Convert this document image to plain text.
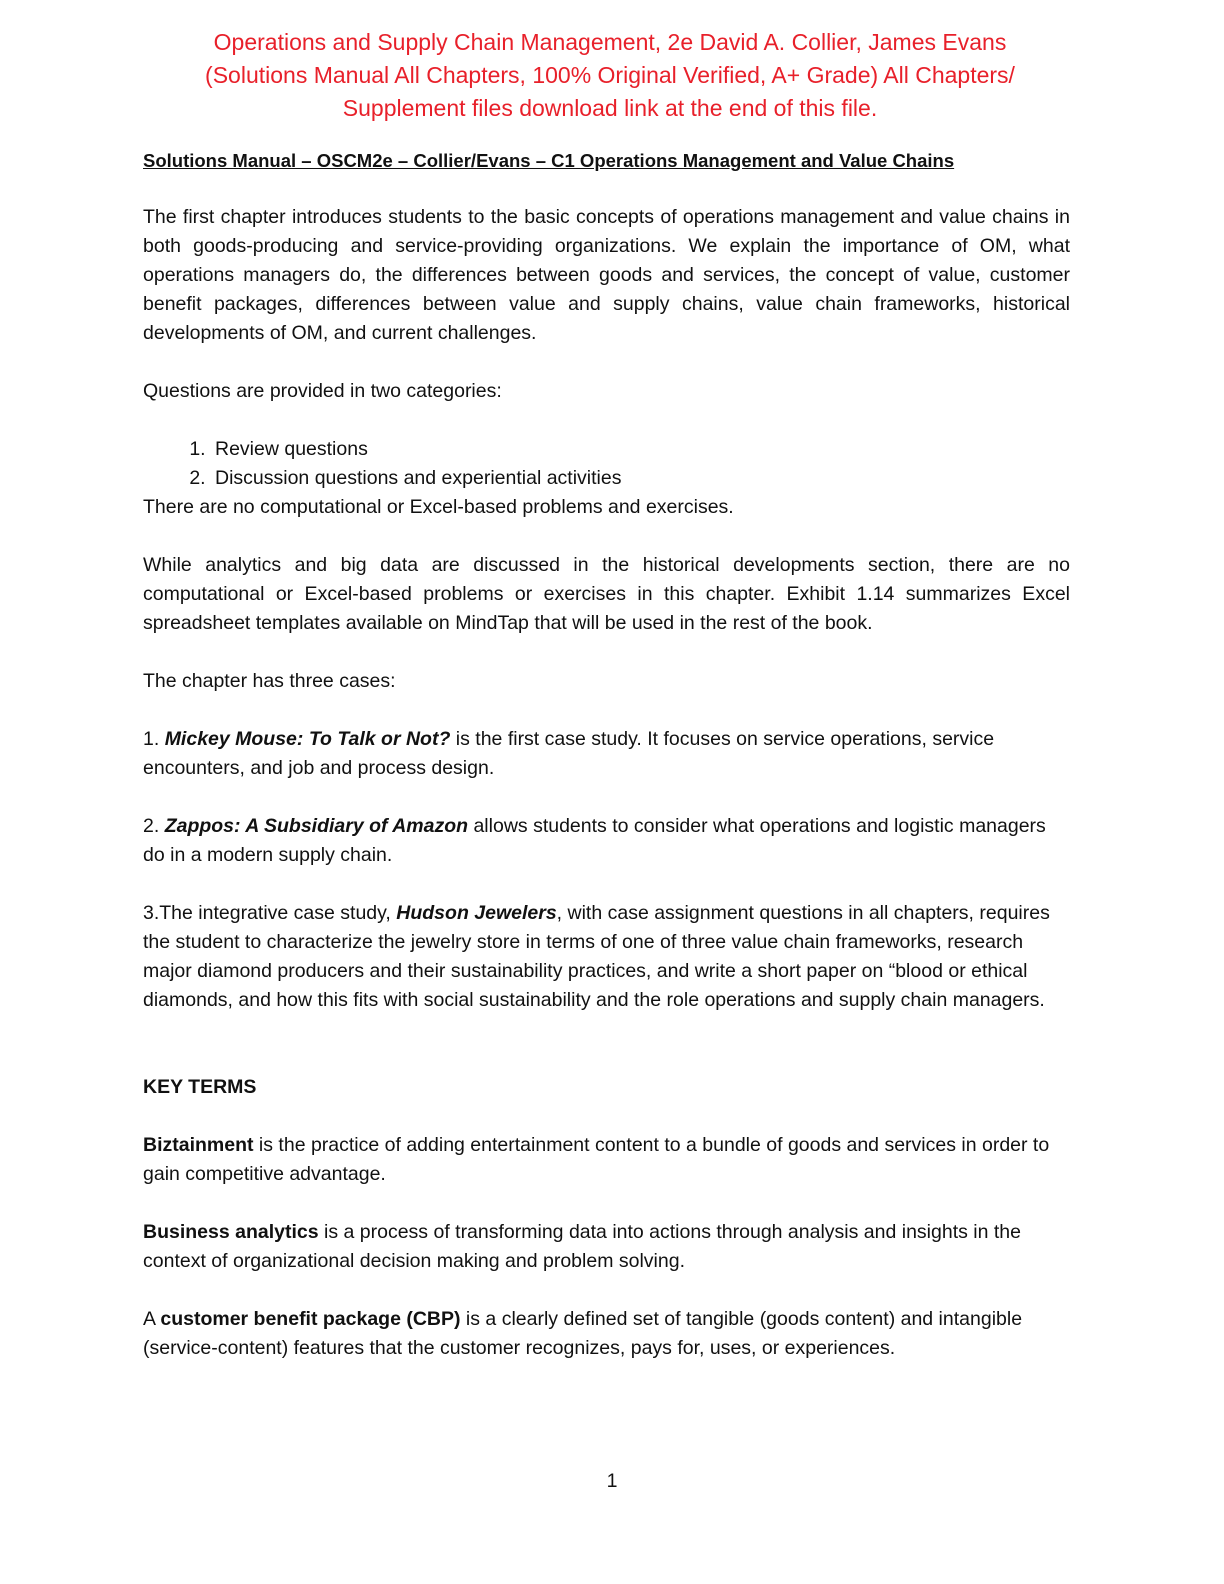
Operations and Supply Chain Management, 2e David A. Collier, James Evans
(Solutions Manual All Chapters, 100% Original Verified, A+ Grade) All Chapters/
Supplement files download link at the end of this file.
Solutions Manual – OSCM2e – Collier/Evans – C1 Operations Management and Value Chains

The first chapter introduces students to the basic concepts of operations management and value chains in both goods-producing and service-providing organizations. We explain the importance of OM, what operations managers do, the differences between goods and services, the concept of value, customer benefit packages, differences between value and supply chains, value chain frameworks, historical developments of OM, and current challenges.

Questions are provided in two categories:

1. Review questions
2. Discussion questions and experiential activities

There are no computational or Excel-based problems and exercises.

While analytics and big data are discussed in the historical developments section, there are no computational or Excel-based problems or exercises in this chapter. Exhibit 1.14 summarizes Excel spreadsheet templates available on MindTap that will be used in the rest of the book.

The chapter has three cases:

1. Mickey Mouse: To Talk or Not? is the first case study. It focuses on service operations, service encounters, and job and process design.

2. Zappos: A Subsidiary of Amazon allows students to consider what operations and logistic managers do in a modern supply chain.

3.The integrative case study, Hudson Jewelers, with case assignment questions in all chapters, requires the student to characterize the jewelry store in terms of one of three value chain frameworks, research major diamond producers and their sustainability practices, and write a short paper on “blood or ethical diamonds, and how this fits with social sustainability and the role operations and supply chain managers.

KEY TERMS

Biztainment is the practice of adding entertainment content to a bundle of goods and services in order to gain competitive advantage.

Business analytics is a process of transforming data into actions through analysis and insights in the context of organizational decision making and problem solving.

A customer benefit package (CBP) is a clearly defined set of tangible (goods content) and intangible (service-content) features that the customer recognizes, pays for, uses, or experiences.

1
